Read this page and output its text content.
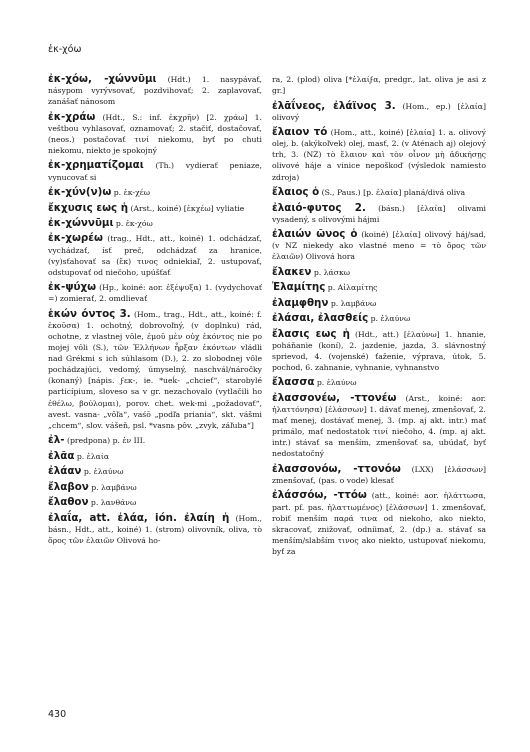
ἐκ-χόω

ἐκ-χόω, -χώννῡμι (Hdt.) 1. nasypávať, násypom vyrývsovať, pozdvihovať; 2. zaplavovať, zanášať nánosom

ἐκ-χράω (Hdt., S.: inf. ἐκχρῆν) [2. χράω] 1. veštbou vyhlasovať, oznamovať; 2. stačiť, dostačovať, (neos.) postačovať τινί niekomu, byť po chuti niekomu, niekto je spokojný

ἐκ-χρηματίζομαι (Th.) vydierať peniaze, vynucovať si

ἐκ-χύν(ν)ω p. ἐκ-χέω

ἔκχυσις εως ἡ (Arst., koiné) [ἐκχέω] vyliatie

ἐκ-χώννῡμι p. ἐκ-χόω

ἐκ-χωρέω (trag., Hdt., att., koiné) 1. odchádzať, vychádzať, ísť preč, odchádzať za hranice, (vy)sťahovať sa (ἔκ) τινος odniekiaľ, 2. ustupovať, odstupovať od niečoho, upúšťať

ἐκ-ψύχω (Hp., koiné: aor. ἐξέψυξα) 1. (vydychovať =) zomierať, 2. omdlievať

ἑκών όντος 3. (Hom., trag., Hdt., att., koiné: f. ἑκοῦσα) 1. ochotný, dobrovoľný, (v doplnku) rád, ochotne, z vlastnej vôle, ἐμοῦ μὲν οὐχ ἑκόντος nie po mojej vôli (S.), τῶν Ἑλλήνων ἦρξαν ἑκόντων vládli nad Grékmi s ich súhlasom (D.), 2. zo slobodnej vôle pochádzajúci, vedomý, úmyselný, naschvál/náročky (konaný) [nápis. ϝεκ-, ie. *ueḱ- „chcieť“, starobylé particípium, sloveso sa v gr. nezachovalo (vytlačili ho ἐθέλω, βούλομαι), porov. chet. wek-mi „požadovať“, avest. vasna- „vôľa“, vaśō „podľa priania“, skt. vášmi „chcem“, slov. vášeň, psl. *vasnь pôv. „zvyk, záľuba“]

ἐλ- (predpona) p. ἐν III.

ἐλᾶα p. ἐλαία

ἐλάαν p. ἐλαύνω

ἔλαβον p. λαμβάνω

ἔλαθον p. λανθάνω

ἐλαΐα, att. ἐλάα, ión. ἐλαίη ἡ (Hom., básn., Hdt., att., koiné) 1. (strom) olivovník, oliva, τὸ ὄρος τῶν ἐλαιῶν Olivová ho-

ra, 2. (plod) oliva [*ἐλαίϝα, predgr., lat. oliva je asi z gr.]

ἐλᾱΐνεος, ἐλάϊνος 3. (Hom., ep.) [ἐλαία] olivový

ἔλαιον τό (Hom., att., koiné) [ἐλαία] 1. a. olivový olej, b. (akýkoľvek) olej, masť, 2. (v Aténach aj) olejový trh, 3. (NZ) τὸ ἔλαιον καὶ τὸν οἶνον μὴ ἀδικήσῃς olivové háje a vinice nepoškoď (výsledok namiesto zdroja)

ἔλαιος ὁ (S., Paus.) [p. ἐλαία] planá/divá oliva

ἐλαιό-φυτος 2. (básn.) [ἐλαία] olivami vysadený, s olivovými hájmi

ἐλαιών ῶνος ὁ (koiné) [ἐλαία] olivový háj/sad, (v NZ niekedy ako vlastné meno = τὸ ὄρος τῶν ἐλαιῶν) Olivová hora

ἔλακεν p. λάσκω

Ἐλαμίτης p. Αἰλαμίτης

ἐλαμφθην p. λαμβάνω

ἐλάσαι, ἐλασθείς p. ἐλαύνω

ἔλασις εως ἡ (Hdt., att.) [ἐλαύνω] 1. hnanie, poháňanie (koní), 2. jazdenie, jazda, 3. slávnostný sprievod, 4. (vojenské) ťaženie, výprava, útok, 5. pochod, 6. zahnanie, vyhnanie, vyhnanstvo

ἔλασσα p. ἐλαύνω

ἐλασσονέω, -ττονέω (Arst., koiné: aor. ἠλαττόνησα) [ἐλάσσων] 1. dávať menej, zmenšovať, 2. mať menej, dostávať menej, 3. (mp. aj akt. intr.) mať primálo, mať nedostatok τινί niečoho, 4. (mp. aj akt. intr.) stávať sa menším, zmenšovať sa, ubúdať, byť nedostatočný

ἐλασσονόω, -ττονόω (LXX) [ἐλάσσων] zmenšovať, (pas. o vode) klesať

ἐλάσσόω, -ττόω (att., koiné: aor. ἠλάττωσα, part. pf. pas. ἠλαττωμένος) [ἐλάσσων] 1. zmenšovať, robiť menším παρά τινα od niekoho, ako niekto, skracovať, znižovať, odníimať, 2. (dp.) a. stávať sa menším/slabším τινος ako niekto, ustupovať niekomu, byť za

430
